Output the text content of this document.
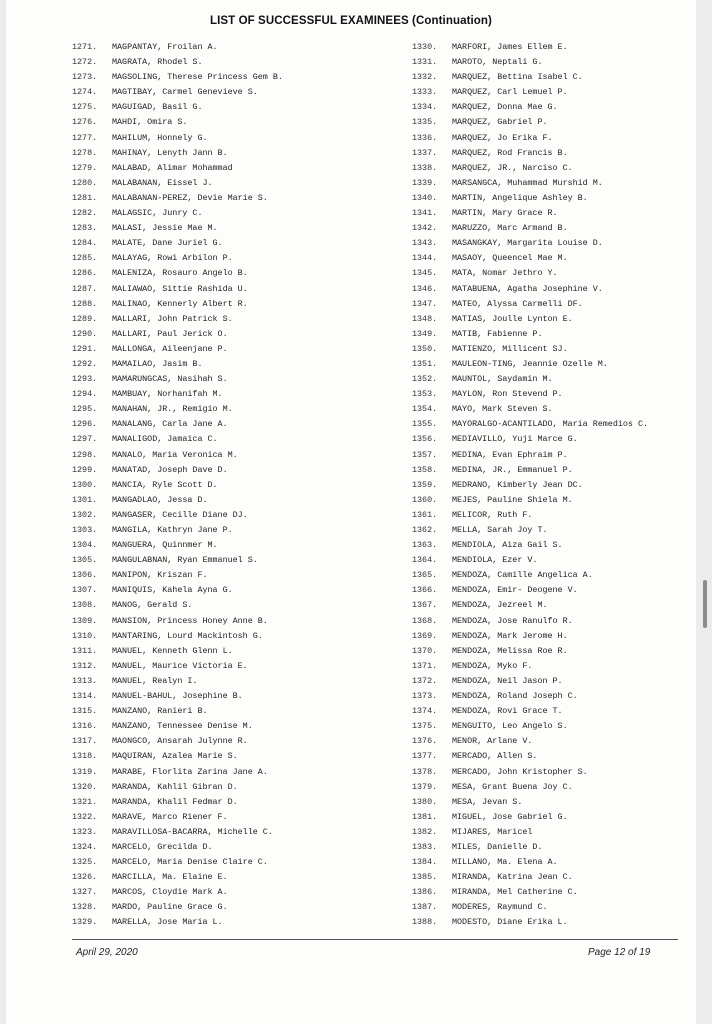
LIST OF SUCCESSFUL EXAMINEES (Continuation)
1271. MAGPANTAY, Froilan A.
1272. MAGRATA, Rhodel S.
1273. MAGSOLING, Therese Princess Gem B.
1274. MAGTIBAY, Carmel Genevieve S.
1275. MAGUIGAD, Basil G.
1276. MAHDI, Omira S.
1277. MAHILUM, Honnely G.
1278. MAHINAY, Lenyth Jann B.
1279. MALABAD, Alimar Mohammad
1280. MALABANAN, Eissel J.
1281. MALABANAN-PEREZ, Devie Marie S.
1282. MALAGSIC, Junry C.
1283. MALASI, Jessie Mae M.
1284. MALATE, Dane Juriel G.
1285. MALAYAG, Rowi Arbilon P.
1286. MALENIZA, Rosauro Angelo B.
1287. MALIAWAO, Sittie Rashida U.
1288. MALINAO, Kennerly Albert R.
1289. MALLARI, John Patrick S.
1290. MALLARI, Paul Jerick O.
1291. MALLONGA, Aileenjane P.
1292. MAMAILAO, Jasim B.
1293. MAMARUNGCAS, Nasihah S.
1294. MAMBUAY, Norhanifah M.
1295. MANAHAN, JR., Remigio M.
1296. MANALANG, Carla Jane A.
1297. MANALIGOD, Jamaica C.
1298. MANALO, Maria Veronica M.
1299. MANATAD, Joseph Dave D.
1300. MANCIA, Ryle Scott D.
1301. MANGADLAO, Jessa D.
1302. MANGASER, Cecille Diane DJ.
1303. MANGILA, Kathryn Jane P.
1304. MANGUERA, Quinnmer M.
1305. MANGULABNAN, Ryan Emmanuel S.
1306. MANIPON, Kriszan F.
1307. MANIQUIS, Kahela Ayna G.
1308. MANOG, Gerald S.
1309. MANSION, Princess Honey Anne B.
1310. MANTARING, Lourd Mackintosh G.
1311. MANUEL, Kenneth Glenn L.
1312. MANUEL, Maurice Victoria E.
1313. MANUEL, Realyn I.
1314. MANUEL-BAHUL, Josephine B.
1315. MANZANO, Ranieri B.
1316. MANZANO, Tennessee Denise M.
1317. MAONGCO, Ansarah Julynne R.
1318. MAQUIRAN, Azalea Marie S.
1319. MARABE, Florlita Zarina Jane A.
1320. MARANDA, Kahlil Gibran D.
1321. MARANDA, Khalil Fedmar D.
1322. MARAVE, Marco Riener F.
1323. MARAVILLOSA-BACARRA, Michelle C.
1324. MARCELO, Grecilda D.
1325. MARCELO, Maria Denise Claire C.
1326. MARCILLA, Ma. Elaine E.
1327. MARCOS, Cloydie Mark A.
1328. MARDO, Pauline Grace G.
1329. MARELLA, Jose Maria L.
1330. MARFORI, James Ellem E.
1331. MAROTO, Neptali G.
1332. MARQUEZ, Bettina Isabel C.
1333. MARQUEZ, Carl Lemuel P.
1334. MARQUEZ, Donna Mae G.
1335. MARQUEZ, Gabriel P.
1336. MARQUEZ, Jo Erika F.
1337. MARQUEZ, Rod Francis B.
1338. MARQUEZ, JR., Narciso C.
1339. MARSANGCA, Muhammad Murshid M.
1340. MARTIN, Angelique Ashley B.
1341. MARTIN, Mary Grace R.
1342. MARUZZO, Marc Armand B.
1343. MASANGKAY, Margarita Louise D.
1344. MASAOY, Queencel Mae M.
1345. MATA, Nomar Jethro Y.
1346. MATABUENA, Agatha Josephine V.
1347. MATEO, Alyssa Carmelli DF.
1348. MATIAS, Joulle Lynton E.
1349. MATIB, Fabienne P.
1350. MATIENZO, Millicent SJ.
1351. MAULEON-TING, Jeannie Ozelle M.
1352. MAUNTOL, Saydamin M.
1353. MAYLON, Ron Stevend P.
1354. MAYO, Mark Steven S.
1355. MAYORALGO-ACANTILADO, Maria Remedios C.
1356. MEDIAVILLO, Yuji Marce G.
1357. MEDINA, Evan Ephraim P.
1358. MEDINA, JR., Emmanuel P.
1359. MEDRANO, Kimberly Jean DC.
1360. MEJES, Pauline Shiela M.
1361. MELICOR, Ruth F.
1362. MELLA, Sarah Joy T.
1363. MENDIOLA, Aiza Gail S.
1364. MENDIOLA, Ezer V.
1365. MENDOZA, Camille Angelica A.
1366. MENDOZA, Emir- Deogene V.
1367. MENDOZA, Jezreel M.
1368. MENDOZA, Jose Ranulfo R.
1369. MENDOZA, Mark Jerome H.
1370. MENDOZA, Melissa Roe R.
1371. MENDOZA, Myko F.
1372. MENDOZA, Neil Jason P.
1373. MENDOZA, Roland Joseph C.
1374. MENDOZA, Rovi Grace T.
1375. MENGUITO, Leo Angelo S.
1376. MENOR, Arlane V.
1377. MERCADO, Allen S.
1378. MERCADO, John Kristopher S.
1379. MESA, Grant Buena Joy C.
1380. MESA, Jevan S.
1381. MIGUEL, Jose Gabriel G.
1382. MIJARES, Maricel
1383. MILES, Danielle D.
1384. MILLANO, Ma. Elena A.
1385. MIRANDA, Katrina Jean C.
1386. MIRANDA, Mel Catherine C.
1387. MODERES, Raymund C.
1388. MODESTO, Diane Erika L.
April 29, 2020	Page 12 of 19
